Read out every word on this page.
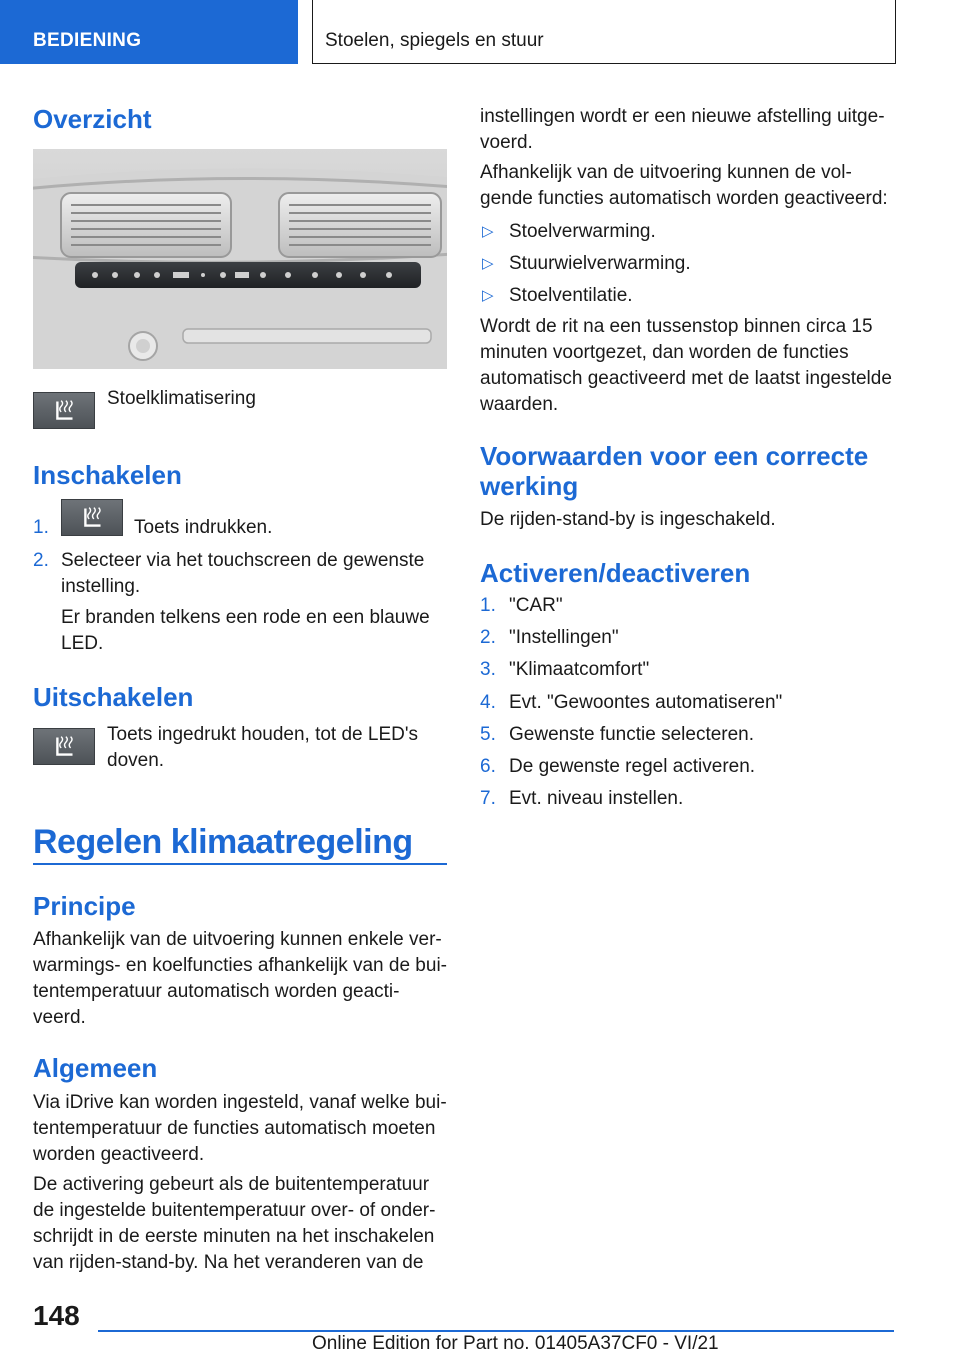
BEDIENING	Stoelen, spiegels en stuur
Overzicht
Stoelklimatisering
Inschakelen
1.	Toets indrukken.
2. Selecteer via het touchscreen de gewenste instelling.
Er branden telkens een rode en een blauwe LED.
Uitschakelen
Toets ingedrukt houden, tot de LED's doven.
Regelen klimaatregeling
Principe
Afhankelijk van de uitvoering kunnen enkele ver-warmings- en koelfuncties afhankelijk van de bui-tentemperatuur automatisch worden geacti-veerd.
Algemeen
Via iDrive kan worden ingesteld, vanaf welke bui-tentemperatuur de functies automatisch moeten worden geactiveerd.
De activering gebeurt als de buitentemperatuur de ingestelde buitentemperatuur over- of onder-schrijdt in de eerste minuten na het inschakelen van rijden-stand-by. Na het veranderen van de
instellingen wordt er een nieuwe afstelling uitge-voerd.
Afhankelijk van de uitvoering kunnen de vol-gende functies automatisch worden geactiveerd:
▷ Stoelverwarming.
▷ Stuurwielverwarming.
▷ Stoelventilatie.
Wordt de rit na een tussenstop binnen circa 15 minuten voortgezet, dan worden de functies automatisch geactiveerd met de laatst ingestelde waarden.
Voorwaarden voor een correcte
werking
De rijden-stand-by is ingeschakeld.
Activeren/deactiveren
1. "CAR"
2. "Instellingen"
3. "Klimaatcomfort"
4. Evt. "Gewoontes automatiseren"
5. Gewenste functie selecteren.
6. De gewenste regel activeren.
7. Evt. niveau instellen.
148
Online Edition for Part no. 01405A37CF0 - VI/21
